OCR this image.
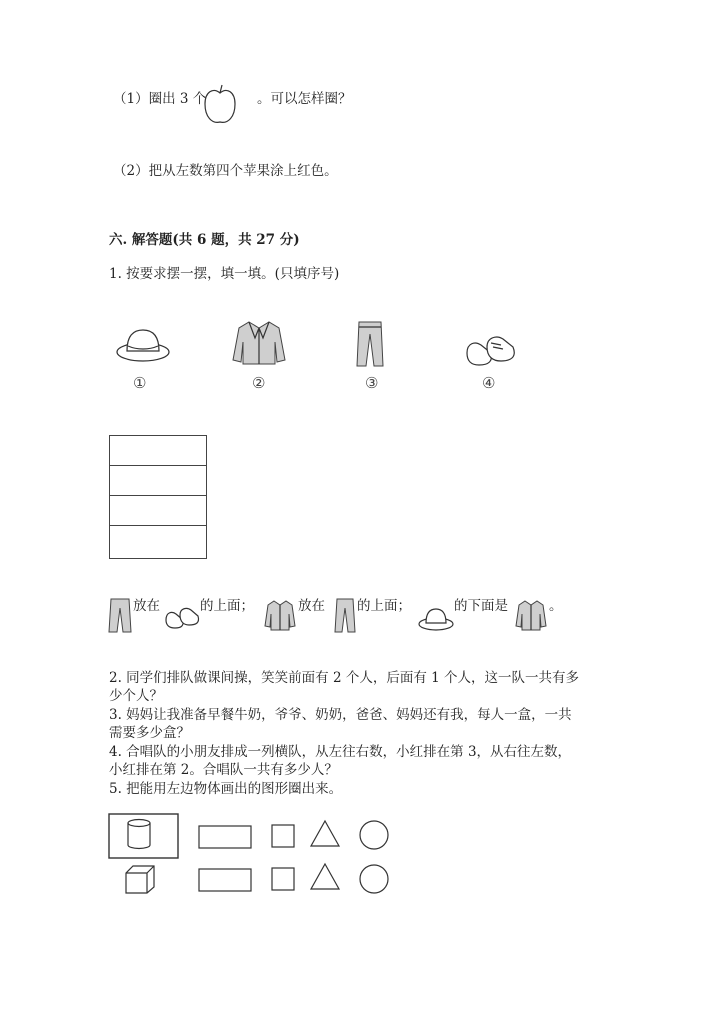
（1）圈出 3 个	。可以怎样圈？
（2）把从左数第四个苹果涂上红色。
六. 解答题(共 6 题，共 27 分)
1. 按要求摆一摆，填一填。(只填序号)
①	②	③	④
放在	的上面；	放在 的上面；	的下面是	。
2. 同学们排队做课间操，笑笑前面有 2 个人，后面有 1 个人，这一队一共有多
少个人？
3. 妈妈让我准备早餐牛奶，爷爷、奶奶，爸爸、妈妈还有我，每人一盒，一共
需要多少盒？
4. 合唱队的小朋友排成一列横队，从左往右数，小红排在第 3，从右往左数，
小红排在第 2。合唱队一共有多少人？
5. 把能用左边物体画出的图形圈出来。
